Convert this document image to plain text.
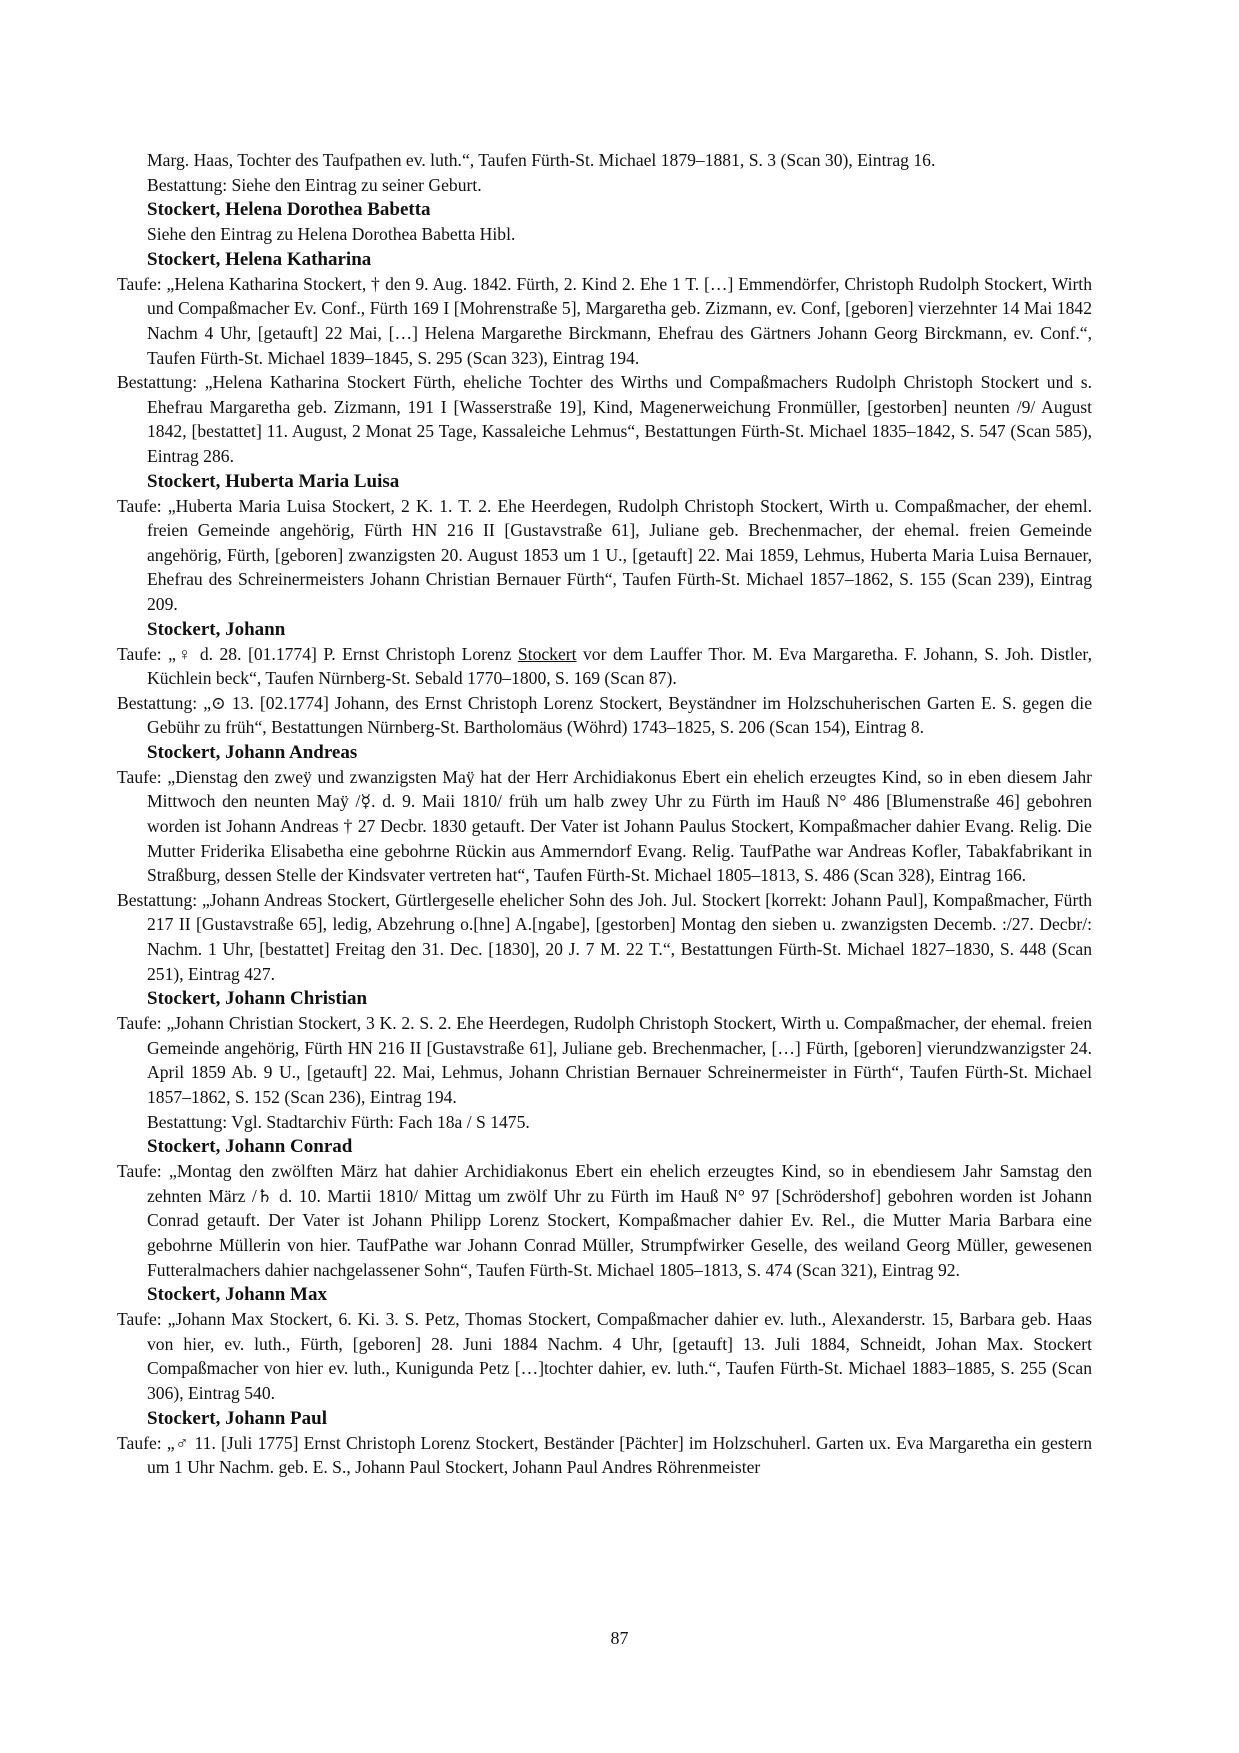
Marg. Haas, Tochter des Taufpathen ev. luth.“, Taufen Fürth-St. Michael 1879–1881, S. 3 (Scan 30), Eintrag 16.

Bestattung: Siehe den Eintrag zu seiner Geburt.

Stockert, Helena Dorothea Babetta

Siehe den Eintrag zu Helena Dorothea Babetta Hibl.

Stockert, Helena Katharina

Taufe: „Helena Katharina Stockert, † den 9. Aug. 1842. Fürth, 2. Kind 2. Ehe 1 T. […] Emmendörfer, Christoph Rudolph Stockert, Wirth und Compaßmacher Ev. Conf., Fürth 169 I [Mohrenstraße 5], Margaretha geb. Zizmann, ev. Conf, [geboren] vierzehnter 14 Mai 1842 Nachm 4 Uhr, [getauft] 22 Mai, […] Helena Margarethe Birckmann, Ehefrau des Gärtners Johann Georg Birckmann, ev. Conf.“, Taufen Fürth-St. Michael 1839–1845, S. 295 (Scan 323), Eintrag 194.

Bestattung: „Helena Katharina Stockert Fürth, eheliche Tochter des Wirths und Compaßmachers Rudolph Christoph Stockert und s. Ehefrau Margaretha geb. Zizmann, 191 I [Wasserstraße 19], Kind, Magenerweichung Fronmüller, [gestorben] neunten /9/ August 1842, [bestattet] 11. August, 2 Monat 25 Tage, Kassaleiche Lehmus“, Bestattungen Fürth-St. Michael 1835–1842, S. 547 (Scan 585), Eintrag 286.

Stockert, Huberta Maria Luisa

Taufe: „Huberta Maria Luisa Stockert, 2 K. 1. T. 2. Ehe Heerdegen, Rudolph Christoph Stockert, Wirth u. Compaßmacher, der eheml. freien Gemeinde angehörig, Fürth HN 216 II [Gustavstraße 61], Juliane geb. Brechenmacher, der ehemal. freien Gemeinde angehörig, Fürth, [geboren] zwanzigsten 20. August 1853 um 1 U., [getauft] 22. Mai 1859, Lehmus, Huberta Maria Luisa Bernauer, Ehefrau des Schreinermeisters Johann Christian Bernauer Fürth“, Taufen Fürth-St. Michael 1857–1862, S. 155 (Scan 239), Eintrag 209.

Stockert, Johann

Taufe: „♀ d. 28. [01.1774] P. Ernst Christoph Lorenz Stockert vor dem Lauffer Thor. M. Eva Margaretha. F. Johann, S. Joh. Distler, Küchlein beck“, Taufen Nürnberg-St. Sebald 1770–1800, S. 169 (Scan 87).

Bestattung: „⊙ 13. [02.1774] Johann, des Ernst Christoph Lorenz Stockert, Beyständner im Holzschuherischen Garten E. S. gegen die Gebühr zu früh“, Bestattungen Nürnberg-St. Bartholomäus (Wöhrd) 1743–1825, S. 206 (Scan 154), Eintrag 8.

Stockert, Johann Andreas

Taufe: „Dienstag den zweÿ und zwanzigsten Maÿ hat der Herr Archidiakonus Ebert ein ehelich erzeugtes Kind, so in eben diesem Jahr Mittwoch den neunten Maÿ /☿. d. 9. Maii 1810/ früh um halb zwey Uhr zu Fürth im Hauß N° 486 [Blumenstraße 46] gebohren worden ist Johann Andreas † 27 Decbr. 1830 getauft. Der Vater ist Johann Paulus Stockert, Kompaßmacher dahier Evang. Relig. Die Mutter Friderika Elisabetha eine gebohrne Rückin aus Ammerndorf Evang. Relig. TaufPathe war Andreas Kofler, Tabakfabrikant in Straßburg, dessen Stelle der Kindsvater vertreten hat“, Taufen Fürth-St. Michael 1805–1813, S. 486 (Scan 328), Eintrag 166.

Bestattung: „Johann Andreas Stockert, Gürtlergeselle ehelicher Sohn des Joh. Jul. Stockert [korrekt: Johann Paul], Kompaßmacher, Fürth 217 II [Gustavstraße 65], ledig, Abzehrung o.[hne] A.[ngabe], [gestorben] Montag den sieben u. zwanzigsten Decemb. :/27. Decbr/: Nachm. 1 Uhr, [bestattet] Freitag den 31. Dec. [1830], 20 J. 7 M. 22 T.“, Bestattungen Fürth-St. Michael 1827–1830, S. 448 (Scan 251), Eintrag 427.

Stockert, Johann Christian

Taufe: „Johann Christian Stockert, 3 K. 2. S. 2. Ehe Heerdegen, Rudolph Christoph Stockert, Wirth u. Compaßmacher, der ehemal. freien Gemeinde angehörig, Fürth HN 216 II [Gustavstraße 61], Juliane geb. Brechenmacher, […] Fürth, [geboren] vierundzwanzigster 24. April 1859 Ab. 9 U., [getauft] 22. Mai, Lehmus, Johann Christian Bernauer Schreinermeister in Fürth“, Taufen Fürth-St. Michael 1857–1862, S. 152 (Scan 236), Eintrag 194.

Bestattung: Vgl. Stadtarchiv Fürth: Fach 18a / S 1475.

Stockert, Johann Conrad

Taufe: „Montag den zwölften März hat dahier Archidiakonus Ebert ein ehelich erzeugtes Kind, so in ebendiesem Jahr Samstag den zehnten März /♄ d. 10. Martii 1810/ Mittag um zwölf Uhr zu Fürth im Hauß N° 97 [Schrödershof] gebohren worden ist Johann Conrad getauft. Der Vater ist Johann Philipp Lorenz Stockert, Kompaßmacher dahier Ev. Rel., die Mutter Maria Barbara eine gebohrne Müllerin von hier. TaufPathe war Johann Conrad Müller, Strumpfwirker Geselle, des weiland Georg Müller, gewesenen Futteralmachers dahier nachgelassener Sohn“, Taufen Fürth-St. Michael 1805–1813, S. 474 (Scan 321), Eintrag 92.

Stockert, Johann Max

Taufe: „Johann Max Stockert, 6. Ki. 3. S. Petz, Thomas Stockert, Compaßmacher dahier ev. luth., Alexanderstr. 15, Barbara geb. Haas von hier, ev. luth., Fürth, [geboren] 28. Juni 1884 Nachm. 4 Uhr, [getauft] 13. Juli 1884, Schneidt, Johan Max. Stockert Compaßmacher von hier ev. luth., Kunigunda Petz […]tochter dahier, ev. luth.“, Taufen Fürth-St. Michael 1883–1885, S. 255 (Scan 306), Eintrag 540.

Stockert, Johann Paul

Taufe: „♂ 11. [Juli 1775] Ernst Christoph Lorenz Stockert, Beständer [Pächter] im Holzschuherl. Garten ux. Eva Margaretha ein gestern um 1 Uhr Nachm. geb. E. S., Johann Paul Stockert, Johann Paul Andres Röhrenmeister

87
